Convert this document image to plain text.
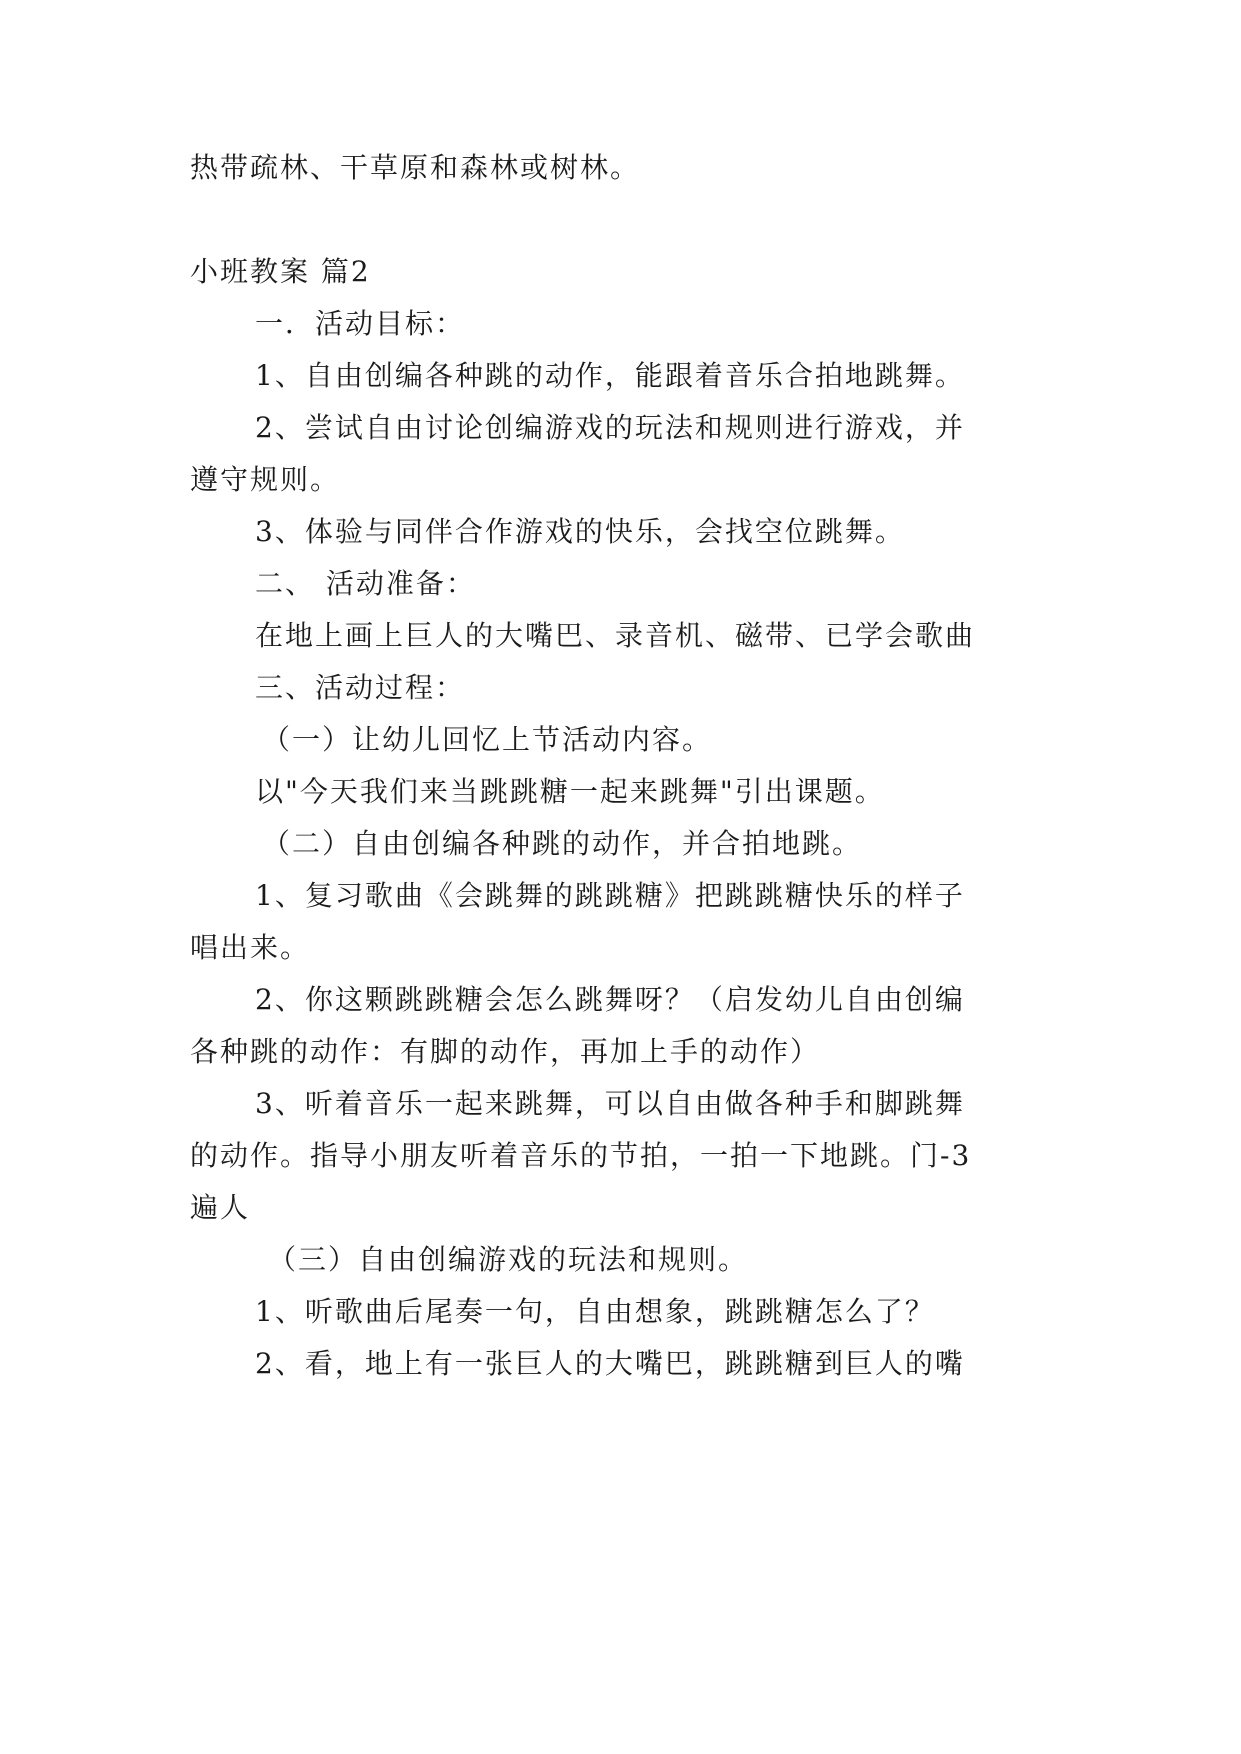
热带疏林、干草原和森林或树林。
小班教案 篇2
一．活动目标：
1、自由创编各种跳的动作，能跟着音乐合拍地跳舞。
2、尝试自由讨论创编游戏的玩法和规则进行游戏，并
遵守规则。
3、体验与同伴合作游戏的快乐，会找空位跳舞。
二、 活动准备：
在地上画上巨人的大嘴巴、录音机、磁带、已学会歌曲
三、活动过程：
（一）让幼儿回忆上节活动内容。
以"今天我们来当跳跳糖一起来跳舞"引出课题。
（二）自由创编各种跳的动作，并合拍地跳。
1、复习歌曲《会跳舞的跳跳糖》把跳跳糖快乐的样子
唱出来。
2、你这颗跳跳糖会怎么跳舞呀？（启发幼儿自由创编
各种跳的动作：有脚的动作，再加上手的动作）
3、听着音乐一起来跳舞，可以自由做各种手和脚跳舞
的动作。指导小朋友听着音乐的节拍，一拍一下地跳。门-3
遍人
（三）自由创编游戏的玩法和规则。
1、听歌曲后尾奏一句，自由想象，跳跳糖怎么了？
2、看，地上有一张巨人的大嘴巴，跳跳糖到巨人的嘴
